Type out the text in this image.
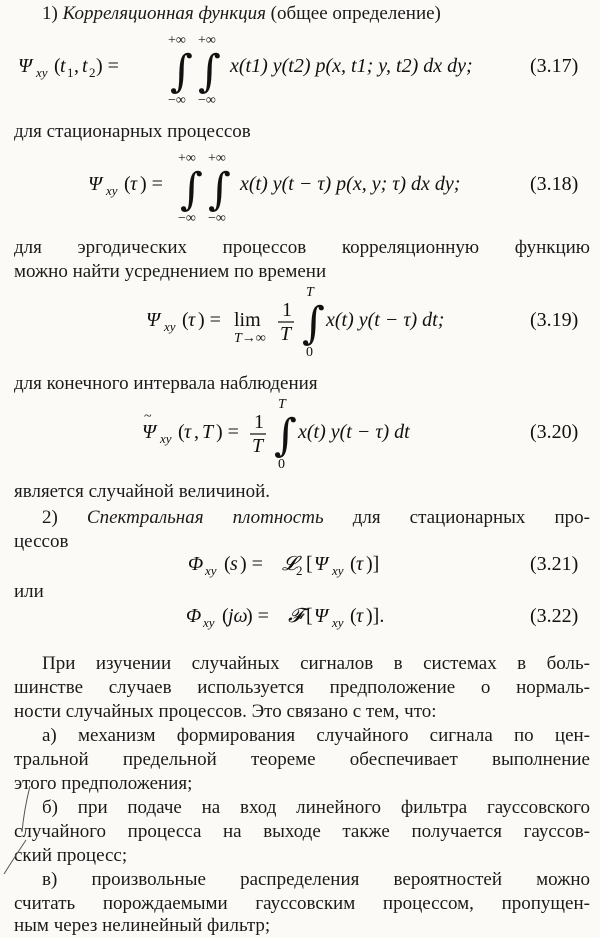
1) Корреляционная функция (общее определение)
Ψ xy ( t 1 , t 2 ) = ∫ ∫
+∞ +∞
−∞ −∞
x(t1) y(t2) p(x, t1; y, t2) dx dy;	(3.17)
для стационарных процессов
Ψ xy ( τ ) = ∫ ∫
+∞ +∞
−∞ −∞
x(t) y(t − τ) p(x, y; τ) dx dy;	(3.18)
для эргодических процессов корреляционную функцию
можно найти усреднением по времени
Ψ xy ( τ ) = lim
T→∞
1
T ∫
T
0
x(t) y(t − τ) dt;	(3.19)
для конечного интервала наблюдения
Ψ
~
xy ( τ , T ) = 1
T ∫
T
0
x(t) y(t − τ) dt	(3.20)
является случайной величиной.
2) Спектральная плотность для стационарных про-
цессов
Φ xy ( s ) = 𝓛 2 [ Ψ xy ( τ )]	(3.21)
или
Φ xy ( jω
) = 𝓕 [ Ψ xy ( τ )].	(3.22)
При изучении случайных сигналов в системах в боль-
шинстве случаев используется предположение о нормаль-
ности случайных процессов. Это связано с тем, что:
а) механизм формирования случайного сигнала по цен-
тральной предельной теореме обеспечивает выполнение
этого предположения;
б) при подаче на вход линейного фильтра гауссовского
случайного процесса на выходе также получается гауссов-
ский процесс;
в) произвольные распределения вероятностей можно
считать порождаемыми гауссовским процессом, пропущен-
ным через нелинейный фильтр;
